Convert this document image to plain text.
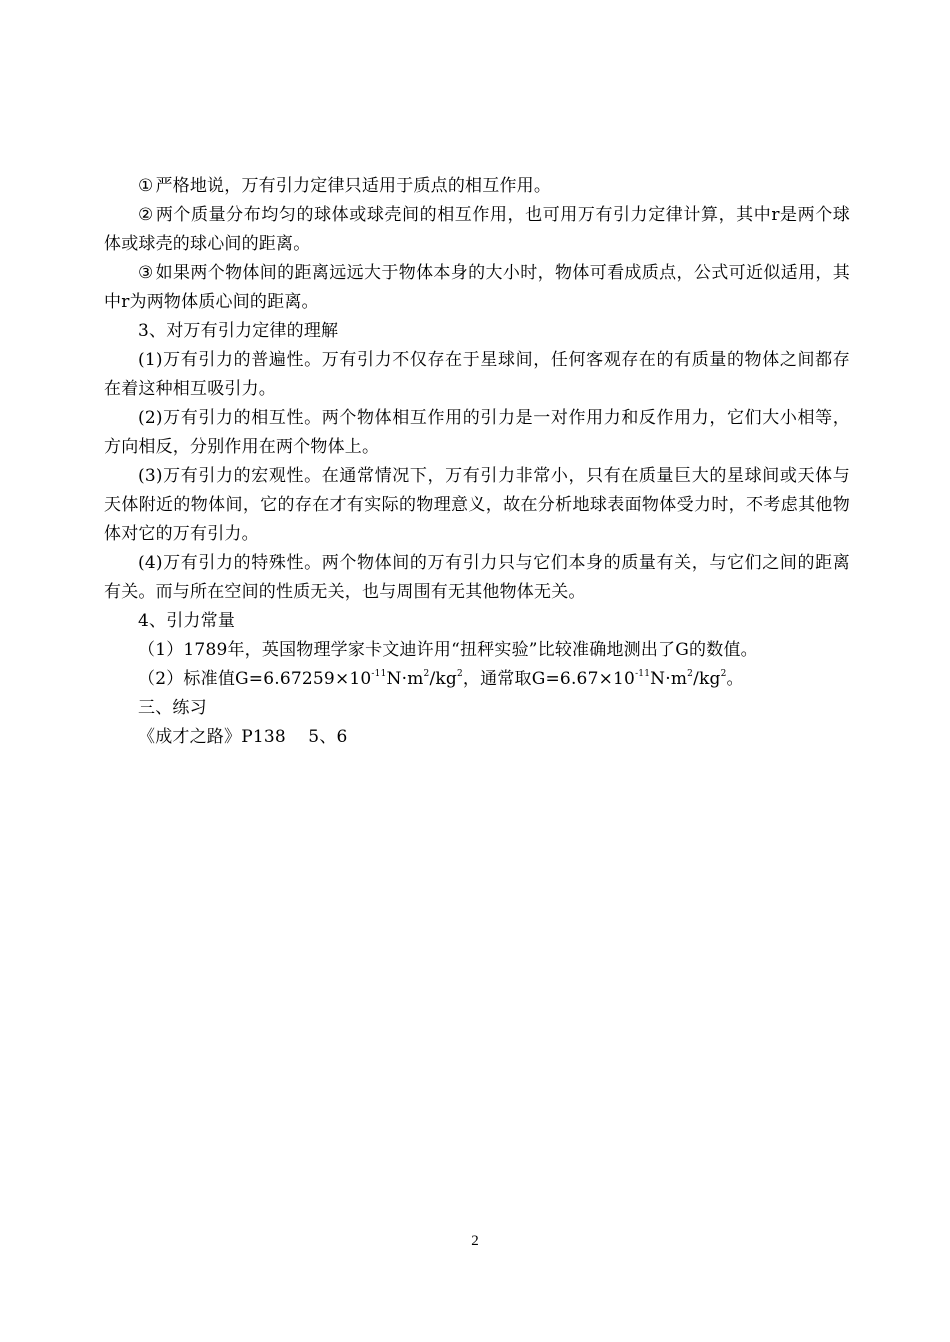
① 严格地说，万有引力定律只适用于质点的相互作用。

② 两个质量分布均匀的球体或球壳间的相互作用，也可用万有引力定律计算，其中r是两个球体或球壳的球心间的距离。

③ 如果两个物体间的距离远远大于物体本身的大小时，物体可看成质点，公式可近似适用，其中r为两物体质心间的距离。

3、对万有引力定律的理解

(1)万有引力的普遍性。万有引力不仅存在于星球间，任何客观存在的有质量的物体之间都存在着这种相互吸引力。

(2)万有引力的相互性。两个物体相互作用的引力是一对作用力和反作用力，它们大小相等，方向相反，分别作用在两个物体上。

(3)万有引力的宏观性。在通常情况下，万有引力非常小，只有在质量巨大的星球间或天体与天体附近的物体间，它的存在才有实际的物理意义，故在分析地球表面物体受力时，不考虑其他物体对它的万有引力。

(4)万有引力的特殊性。两个物体间的万有引力只与它们本身的质量有关，与它们之间的距离有关。而与所在空间的性质无关，也与周围有无其他物体无关。

4、引力常量

（1）1789年，英国物理学家卡文迪许用“扭秤实验”比较准确地测出了G的数值。

（2）标准值$G=6.67259\times 10^{-11}N\cdot m^2/kg^2$，通常取$G=6.67\times 10^{-11}N\cdot m^2/kg^2$。

三、练习

《成才之路》P138    5、6

2
